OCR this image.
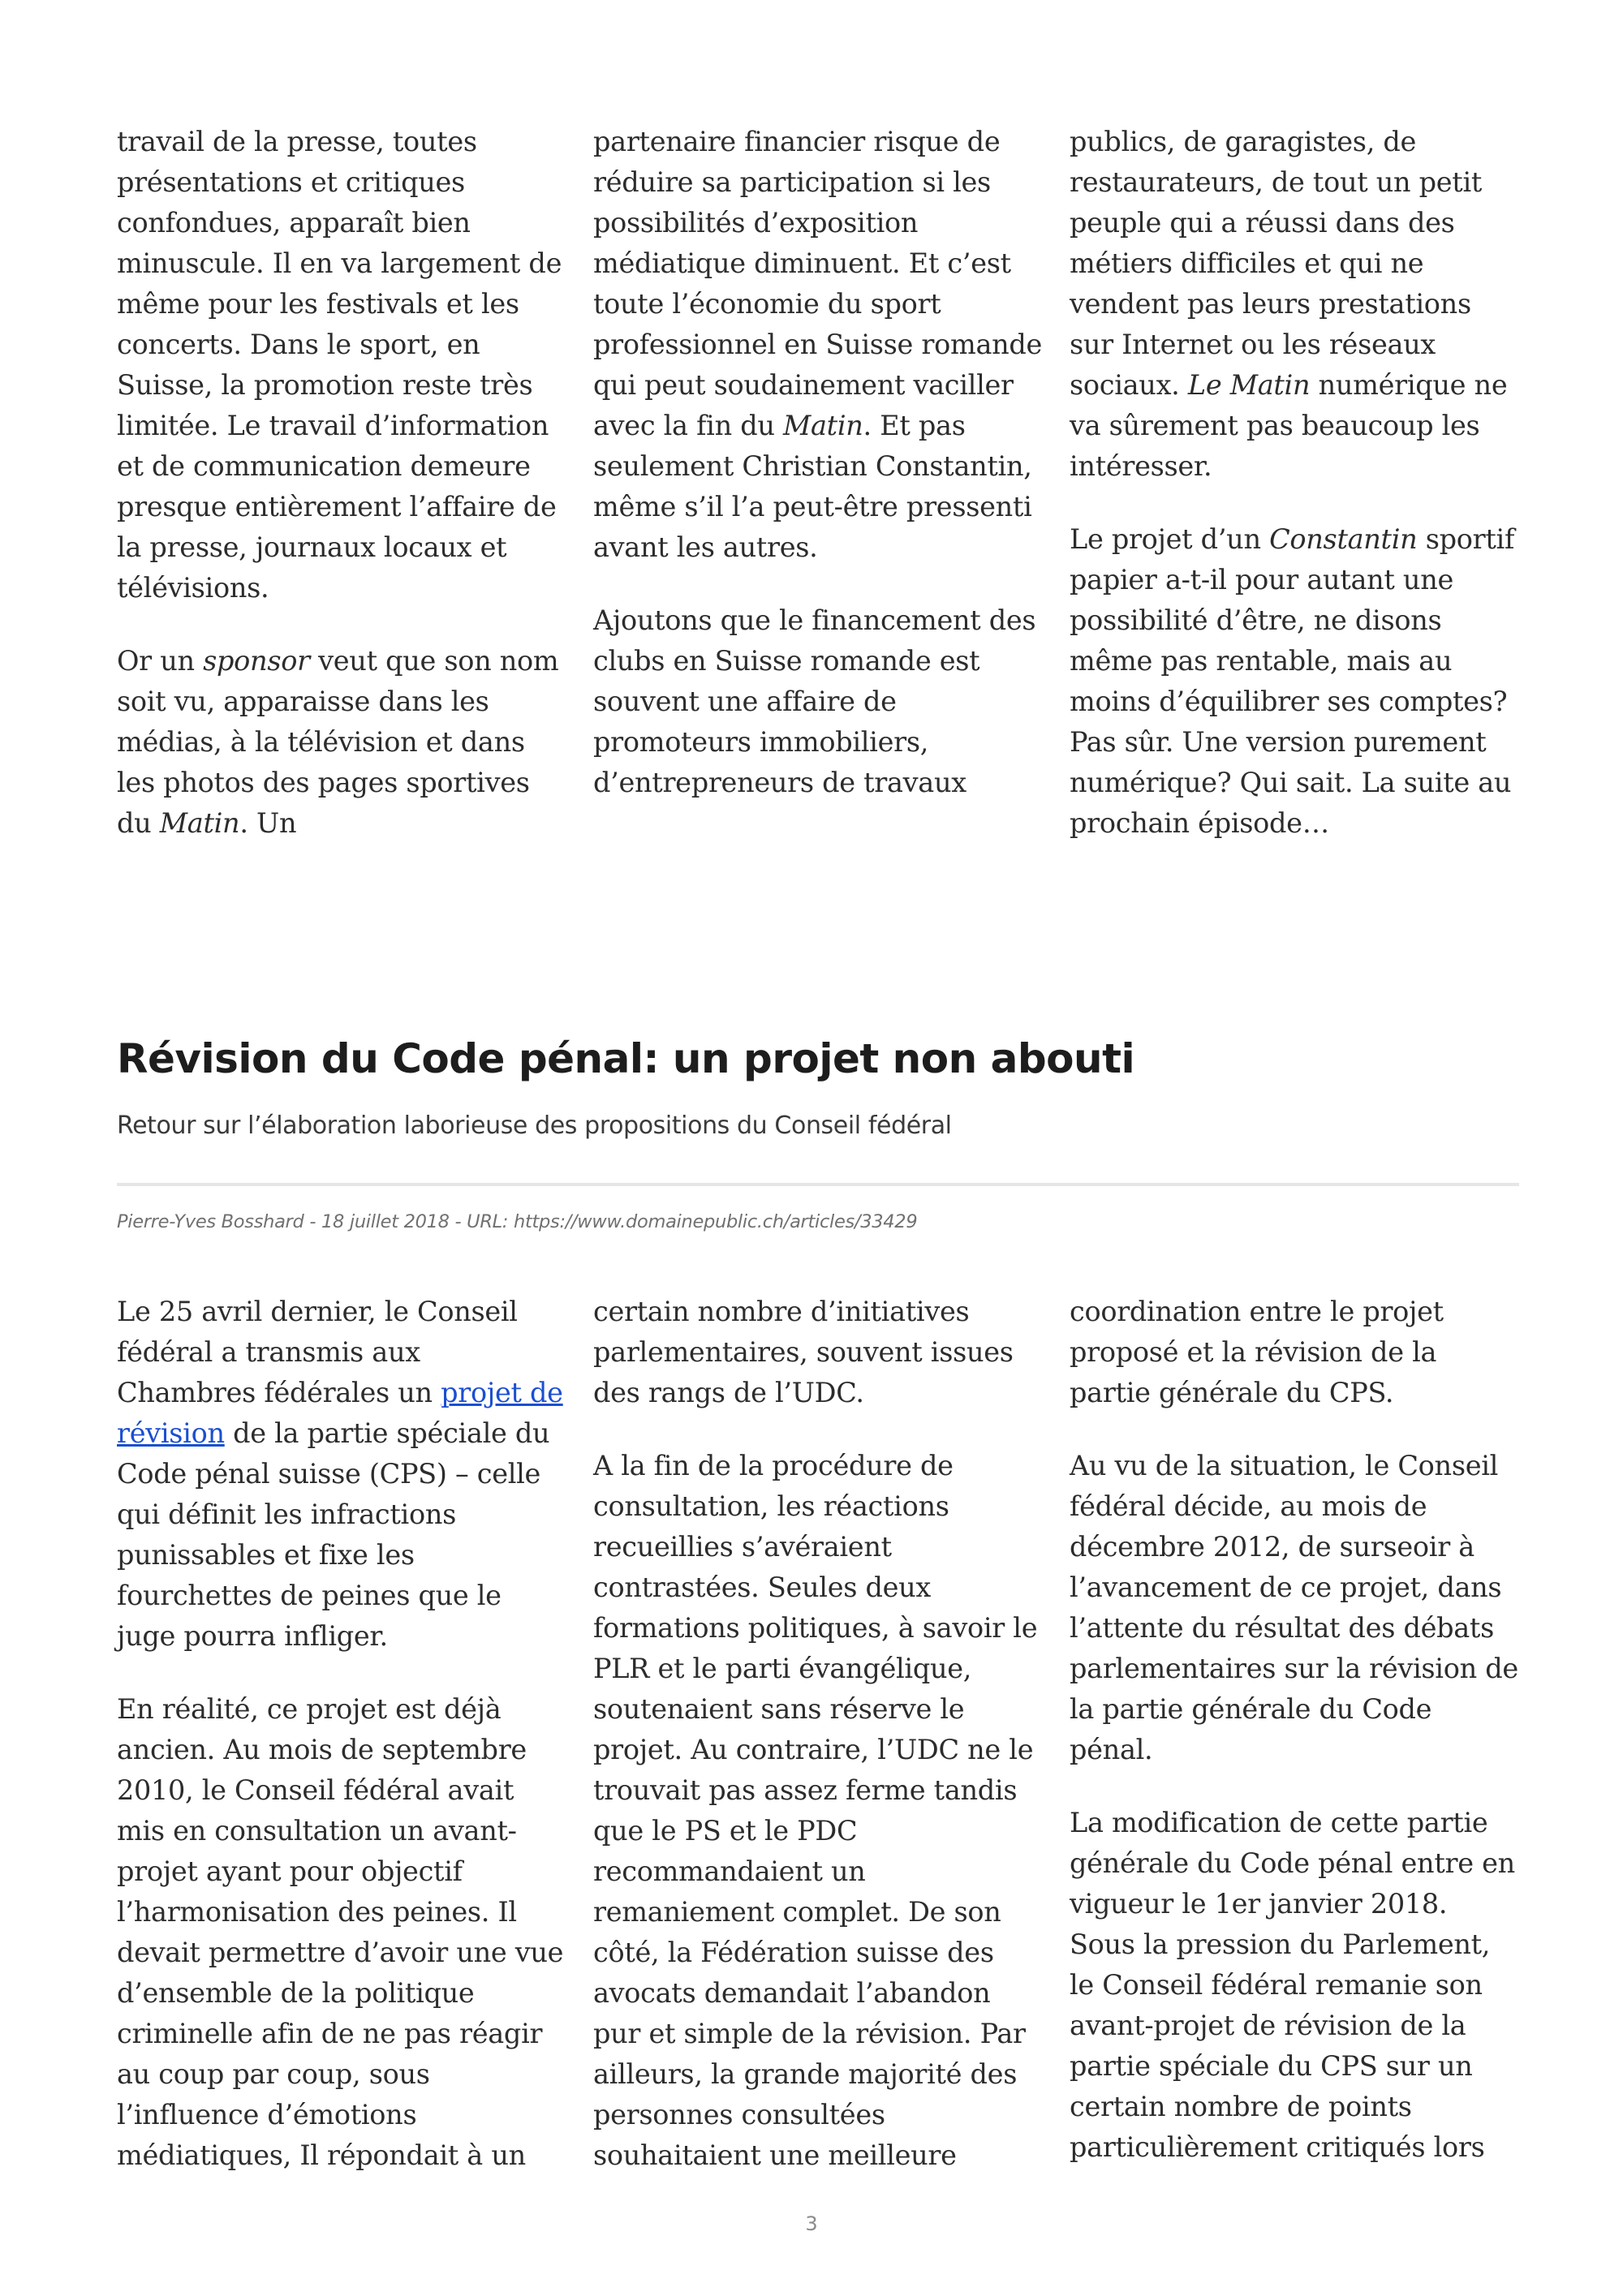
travail de la presse, toutes présentations et critiques confondues, apparaît bien minuscule. Il en va largement de même pour les festivals et les concerts. Dans le sport, en Suisse, la promotion reste très limitée. Le travail d’information et de communication demeure presque entièrement l’affaire de la presse, journaux locaux et télévisions.

Or un sponsor veut que son nom soit vu, apparaisse dans les médias, à la télévision et dans les photos des pages sportives du Matin. Un

partenaire financier risque de réduire sa participation si les possibilités d’exposition médiatique diminuent. Et c’est toute l’économie du sport professionnel en Suisse romande qui peut soudainement vaciller avec la fin du Matin. Et pas seulement Christian Constantin, même s’il l’a peut-être pressenti avant les autres.

Ajoutons que le financement des clubs en Suisse romande est souvent une affaire de promoteurs immobiliers, d’entrepreneurs de travaux

publics, de garagistes, de restaurateurs, de tout un petit peuple qui a réussi dans des métiers difficiles et qui ne vendent pas leurs prestations sur Internet ou les réseaux sociaux. Le Matin numérique ne va sûrement pas beaucoup les intéresser.

Le projet d’un Constantin sportif papier a-t-il pour autant une possibilité d’être, ne disons même pas rentable, mais au moins d’équilibrer ses comptes? Pas sûr. Une version purement numérique? Qui sait. La suite au prochain épisode…

Révision du Code pénal: un projet non abouti

Retour sur l’élaboration laborieuse des propositions du Conseil fédéral

Pierre-Yves Bosshard - 18 juillet 2018 - URL: https://www.domainepublic.ch/articles/33429

Le 25 avril dernier, le Conseil fédéral a transmis aux Chambres fédérales un projet de révision de la partie spéciale du Code pénal suisse (CPS) – celle qui définit les infractions punissables et fixe les fourchettes de peines que le juge pourra infliger.

En réalité, ce projet est déjà ancien. Au mois de septembre 2010, le Conseil fédéral avait mis en consultation un avant-projet ayant pour objectif l’harmonisation des peines. Il devait permettre d’avoir une vue d’ensemble de la politique criminelle afin de ne pas réagir au coup par coup, sous l’influence d’émotions médiatiques, Il répondait à un

certain nombre d’initiatives parlementaires, souvent issues des rangs de l’UDC.

A la fin de la procédure de consultation, les réactions recueillies s’avéraient contrastées. Seules deux formations politiques, à savoir le PLR et le parti évangélique, soutenaient sans réserve le projet. Au contraire, l’UDC ne le trouvait pas assez ferme tandis que le PS et le PDC recommandaient un remaniement complet. De son côté, la Fédération suisse des avocats demandait l’abandon pur et simple de la révision. Par ailleurs, la grande majorité des personnes consultées souhaitaient une meilleure

coordination entre le projet proposé et la révision de la partie générale du CPS.

Au vu de la situation, le Conseil fédéral décide, au mois de décembre 2012, de surseoir à l’avancement de ce projet, dans l’attente du résultat des débats parlementaires sur la révision de la partie générale du Code pénal.

La modification de cette partie générale du Code pénal entre en vigueur le 1er janvier 2018. Sous la pression du Parlement, le Conseil fédéral remanie son avant-projet de révision de la partie spéciale du CPS sur un certain nombre de points particulièrement critiqués lors

3
